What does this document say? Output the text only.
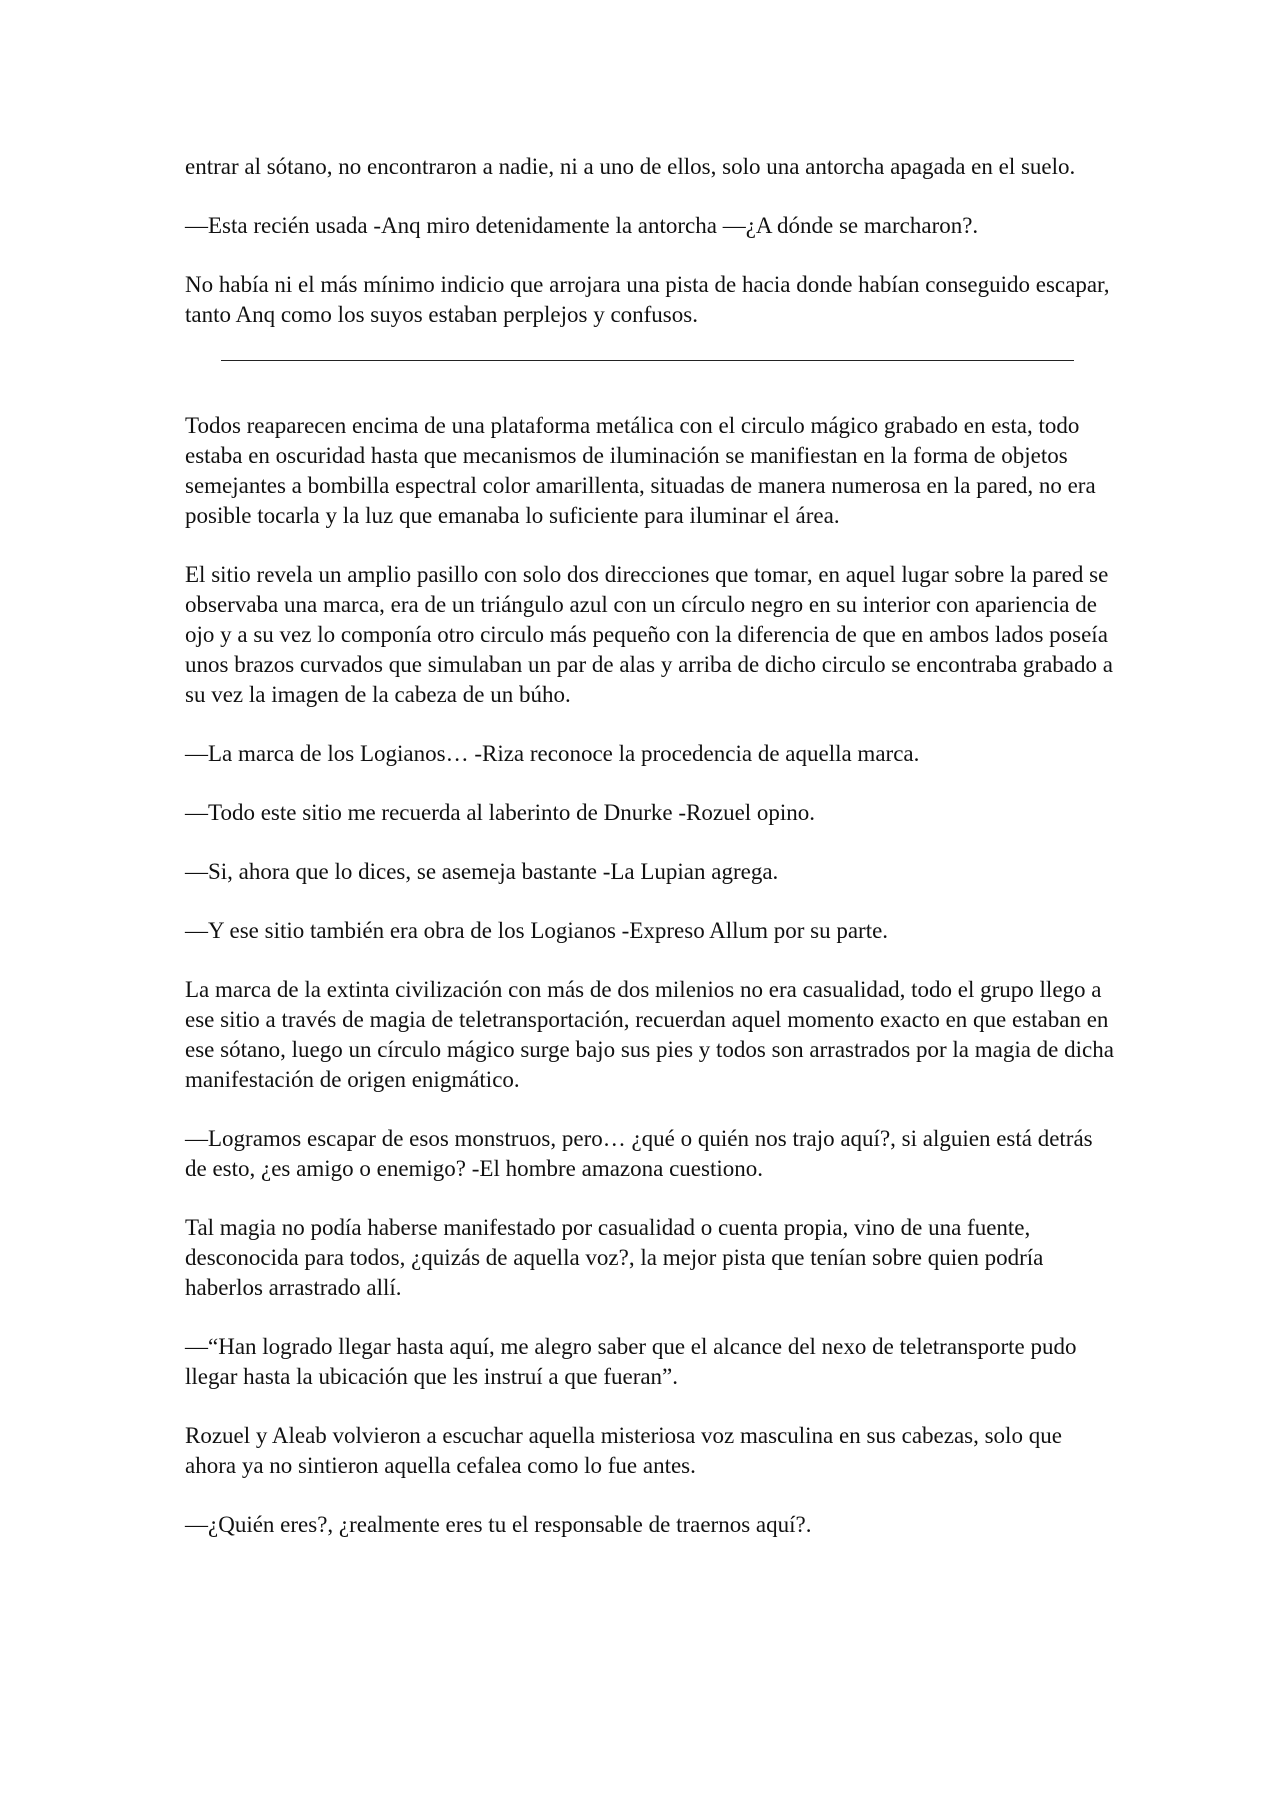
entrar al sótano, no encontraron a nadie, ni a uno de ellos, solo una antorcha apagada en el suelo.

—Esta recién usada -Anq miro detenidamente la antorcha —¿A dónde se marcharon?.

No había ni el más mínimo indicio que arrojara una pista de hacia donde habían conseguido escapar, tanto Anq como los suyos estaban perplejos y confusos.

Todos reaparecen encima de una plataforma metálica con el circulo mágico grabado en esta, todo estaba en oscuridad hasta que mecanismos de iluminación se manifiestan en la forma de objetos semejantes a bombilla espectral color amarillenta, situadas de manera numerosa en la pared, no era posible tocarla y la luz que emanaba lo suficiente para iluminar el área.

El sitio revela un amplio pasillo con solo dos direcciones que tomar, en aquel lugar sobre la pared se observaba una marca, era de un triángulo azul con un círculo negro en su interior con apariencia de ojo y a su vez lo componía otro circulo más pequeño con la diferencia de que en ambos lados poseía unos brazos curvados que simulaban un par de alas y arriba de dicho circulo se encontraba grabado a su vez la imagen de la cabeza de un búho.

—La marca de los Logianos… -Riza reconoce la procedencia de aquella marca.

—Todo este sitio me recuerda al laberinto de Dnurke -Rozuel opino.

—Si, ahora que lo dices, se asemeja bastante -La Lupian agrega.

—Y ese sitio también era obra de los Logianos -Expreso Allum por su parte.

La marca de la extinta civilización con más de dos milenios no era casualidad, todo el grupo llego a ese sitio a través de magia de teletransportación, recuerdan aquel momento exacto en que estaban en ese sótano, luego un círculo mágico surge bajo sus pies y todos son arrastrados por la magia de dicha manifestación de origen enigmático.

—Logramos escapar de esos monstruos, pero… ¿qué o quién nos trajo aquí?, si alguien está detrás de esto, ¿es amigo o enemigo? -El hombre amazona cuestiono.

Tal magia no podía haberse manifestado por casualidad o cuenta propia, vino de una fuente, desconocida para todos, ¿quizás de aquella voz?, la mejor pista que tenían sobre quien podría haberlos arrastrado allí.

—“Han logrado llegar hasta aquí, me alegro saber que el alcance del nexo de teletransporte pudo llegar hasta la ubicación que les instruí a que fueran”.

Rozuel y Aleab volvieron a escuchar aquella misteriosa voz masculina en sus cabezas, solo que ahora ya no sintieron aquella cefalea como lo fue antes.

—¿Quién eres?, ¿realmente eres tu el responsable de traernos aquí?.
